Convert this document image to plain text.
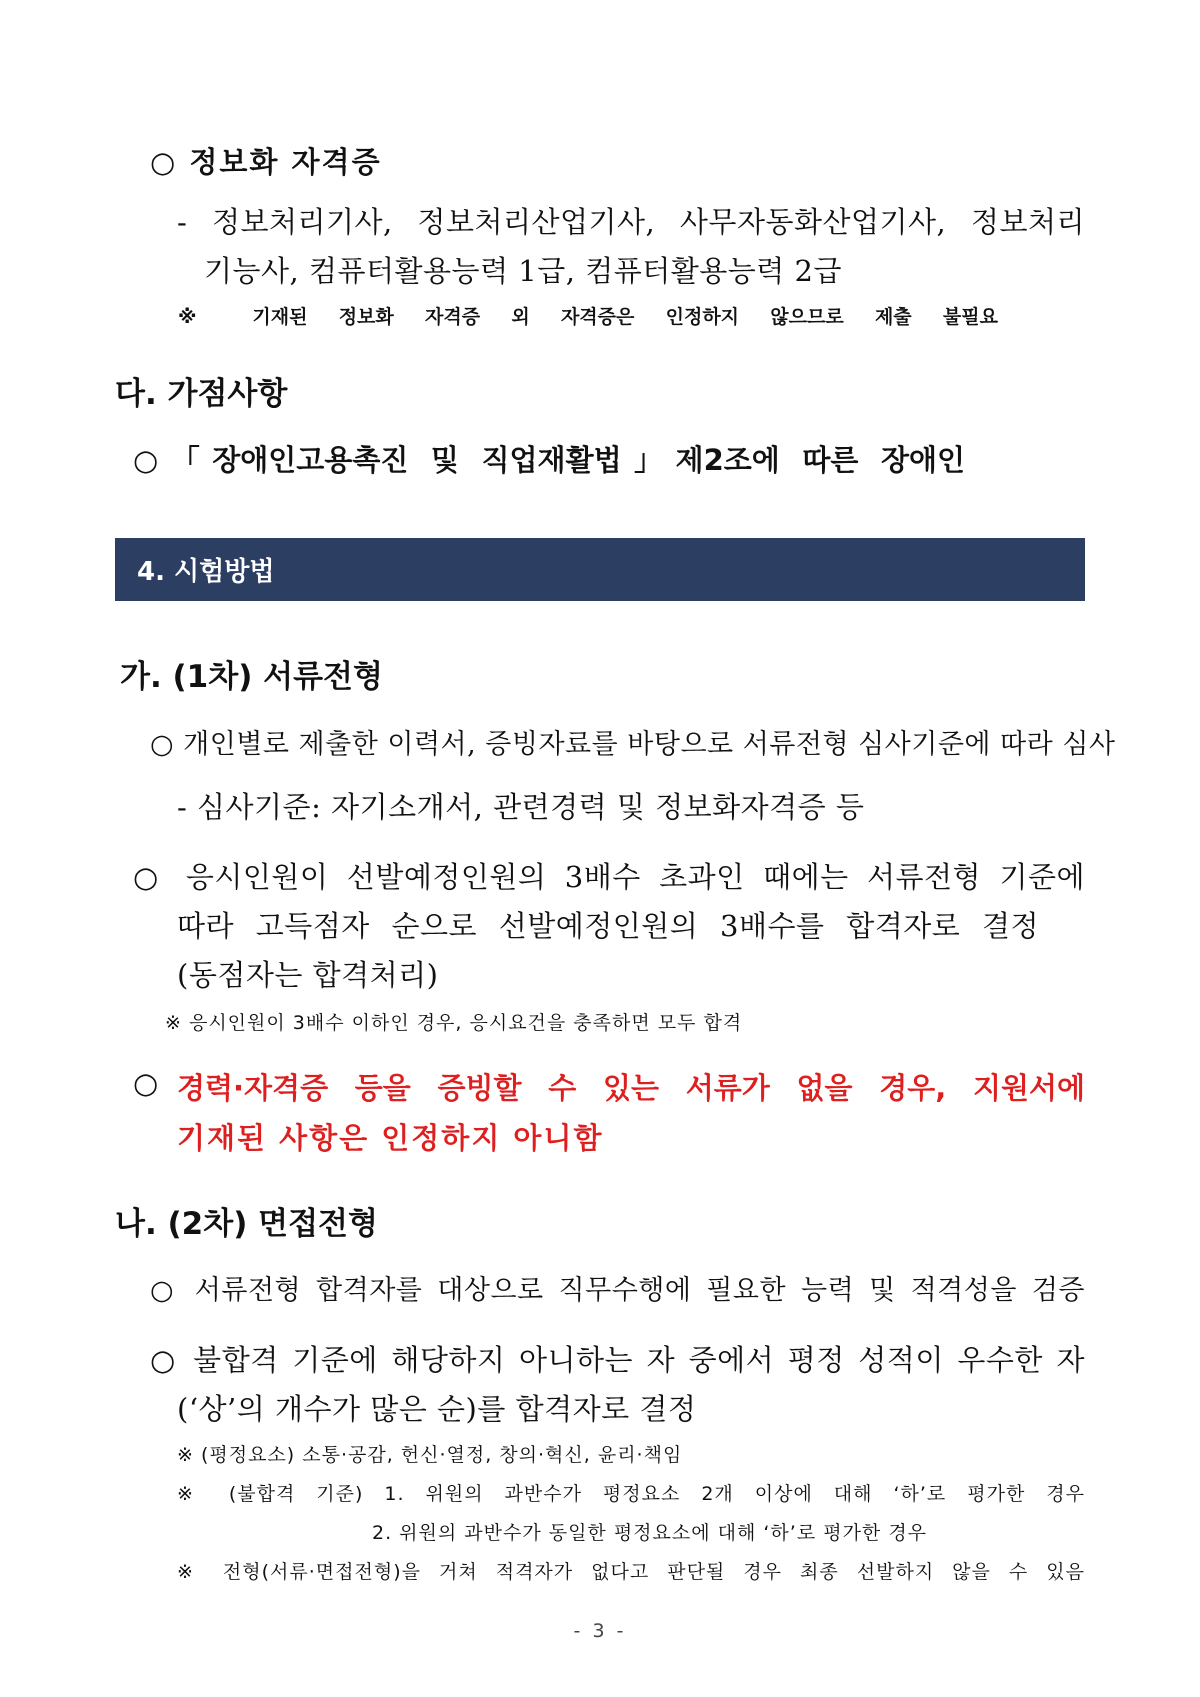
○ 정보화 자격증
- 정보처리기사, 정보처리산업기사, 사무자동화산업기사, 정보처리
기능사, 컴퓨터활용능력 1급, 컴퓨터활용능력 2급
※ 기재된 정보화 자격증 외 자격증은 인정하지 않으므로 제출 불필요
다. 가점사항
○「장애인고용촉진 및 직업재활법」제2조에 따른 장애인
4. 시험방법
가. (1차) 서류전형
○ 개인별로 제출한 이력서, 증빙자료를 바탕으로 서류전형 심사기준에 따라 심사
- 심사기준: 자기소개서, 관련경력 및 정보화자격증 등
○ 응시인원이 선발예정인원의 3배수 초과인 때에는 서류전형 기준에
따라 고득점자 순으로 선발예정인원의 3배수를 합격자로 결정
(동점자는 합격처리)
※ 응시인원이 3배수 이하인 경우, 응시요건을 충족하면 모두 합격
○ 경력·자격증 등을 증빙할 수 있는 서류가 없을 경우, 지원서에
기재된 사항은 인정하지 아니함
나. (2차) 면접전형
○ 서류전형 합격자를 대상으로 직무수행에 필요한 능력 및 적격성을 검증
○ 불합격 기준에 해당하지 아니하는 자 중에서 평정 성적이 우수한 자
(‘상’의 개수가 많은 순)를 합격자로 결정
※ (평정요소) 소통·공감, 헌신·열정, 창의·혁신, 윤리·책임
※ (불합격 기준) 1. 위원의 과반수가 평정요소 2개 이상에 대해 ‘하’로 평가한 경우
2. 위원의 과반수가 동일한 평정요소에 대해 ‘하’로 평가한 경우
※ 전형(서류·면접전형)을 거쳐 적격자가 없다고 판단될 경우 최종 선발하지 않을 수 있음
- 3 -
